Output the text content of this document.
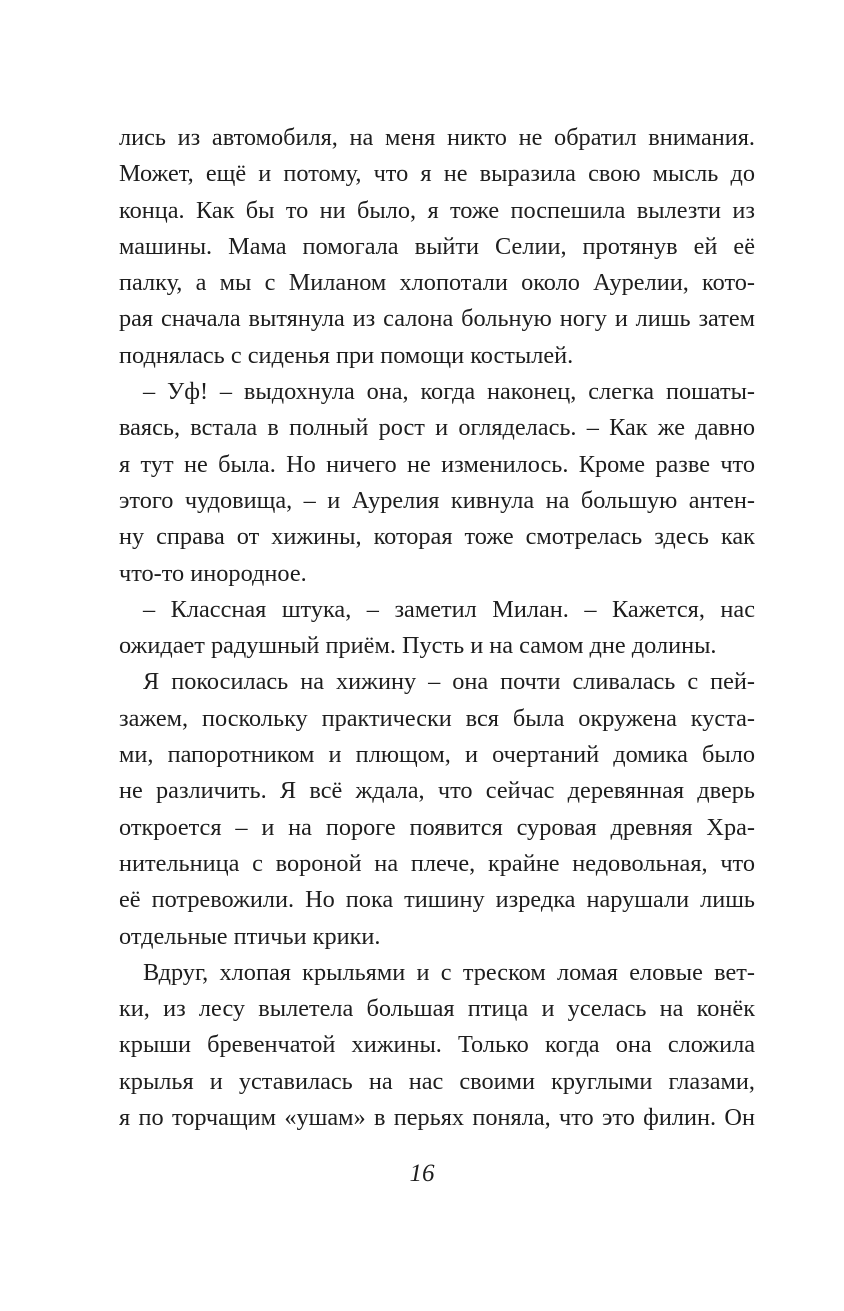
лись из автомобиля, на меня никто не обратил внимания.
Может, ещё и потому, что я не выразила свою мысль до
конца. Как бы то ни было, я тоже поспешила вылезти из
машины. Мама помогала выйти Селии, протянув ей её
палку, а мы с Миланом хлопотали около Аурелии, кото-
рая сначала вытянула из салона больную ногу и лишь затем
поднялась с сиденья при помощи костылей.
– Уф! – выдохнула она, когда наконец, слегка пошаты-
ваясь, встала в полный рост и огляделась. – Как же давно
я тут не была. Но ничего не изменилось. Кроме разве что
этого чудовища, – и Аурелия кивнула на большую антен-
ну справа от хижины, которая тоже смотрелась здесь как
что-то инородное.
– Классная штука, – заметил Милан. – Кажется, нас
ожидает радушный приём. Пусть и на самом дне долины.
Я покосилась на хижину – она почти сливалась с пей-
зажем, поскольку практически вся была окружена куста-
ми, папоротником и плющом, и очертаний домика было
не различить. Я всё ждала, что сейчас деревянная дверь
откроется – и на пороге появится суровая древняя Хра-
нительница с вороной на плече, крайне недовольная, что
её потревожили. Но пока тишину изредка нарушали лишь
отдельные птичьи крики.
Вдруг, хлопая крыльями и с треском ломая еловые вет-
ки, из лесу вылетела большая птица и уселась на конёк
крыши бревенчатой хижины. Только когда она сложила
крылья и уставилась на нас своими круглыми глазами,
я по торчащим «ушам» в перьях поняла, что это филин. Он
16
